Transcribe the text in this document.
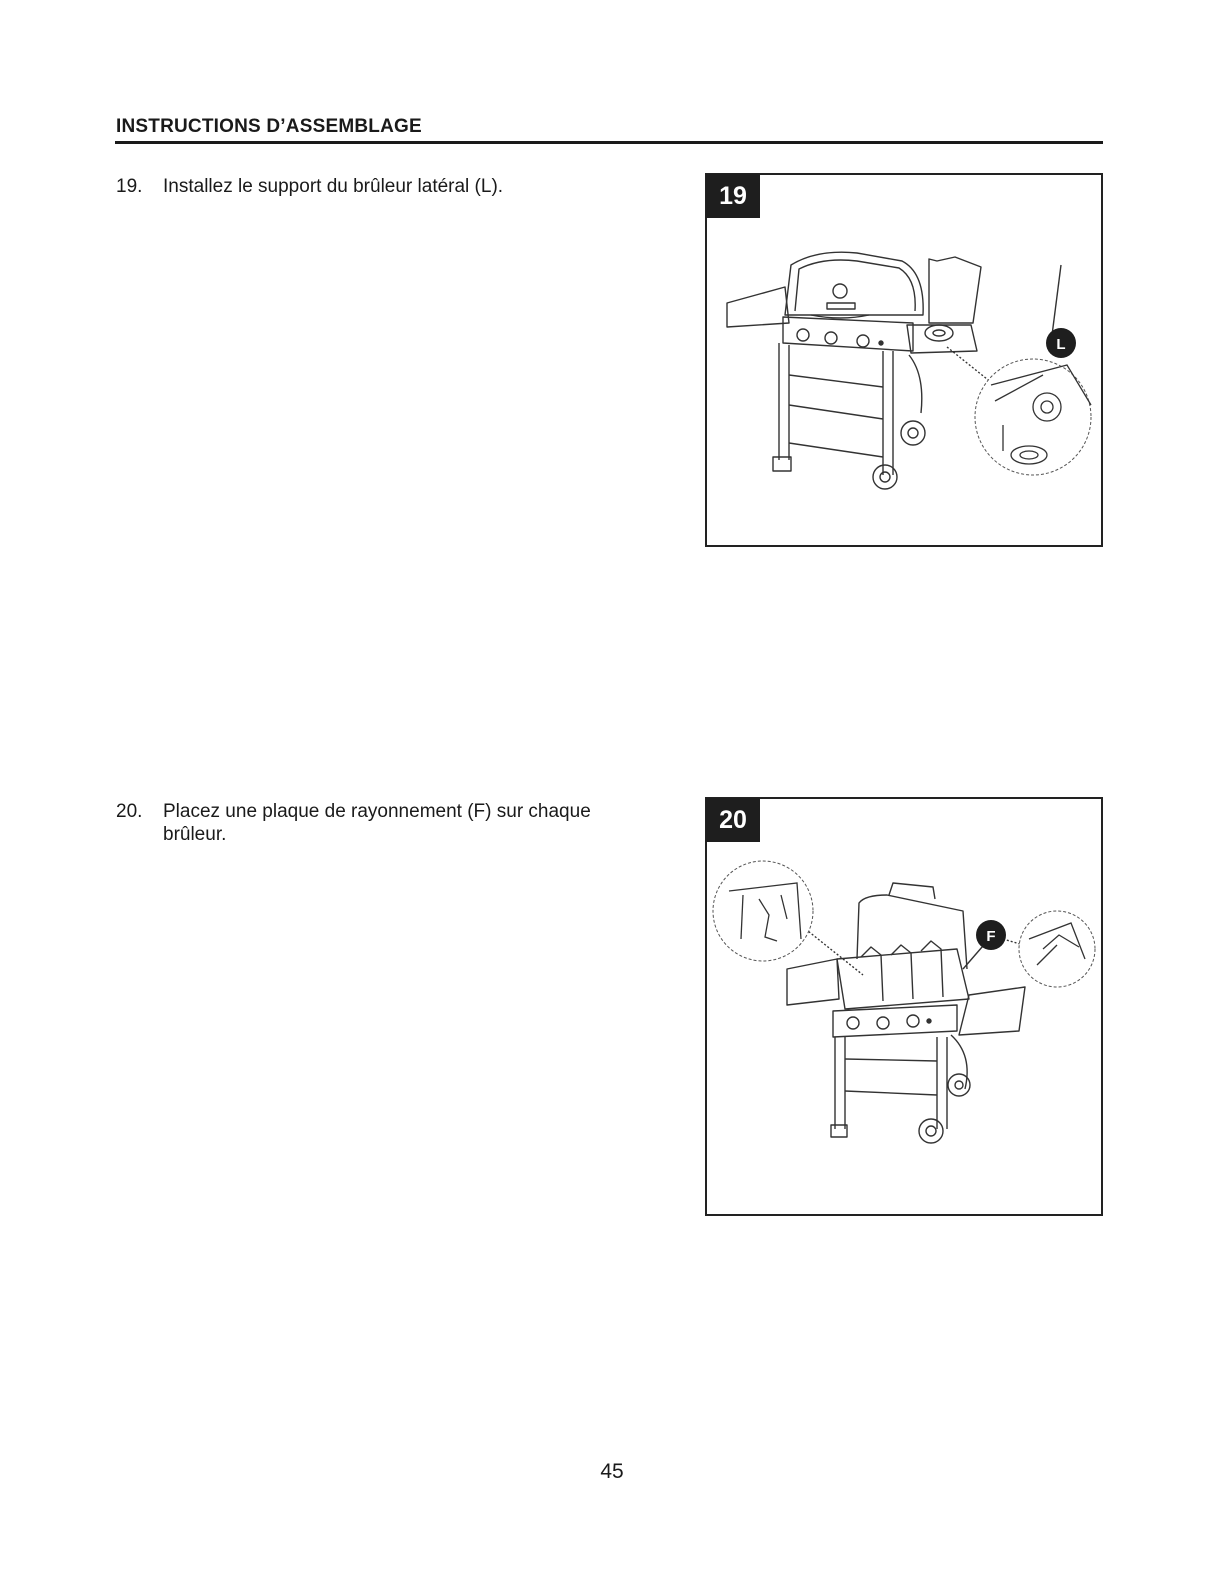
INSTRUCTIONS D’ASSEMBLAGE
19. Installez le support du brûleur latéral (L).	19
L
20. Placez une plaque de rayonnement (F) sur chaque brûleur.
20
F
45
